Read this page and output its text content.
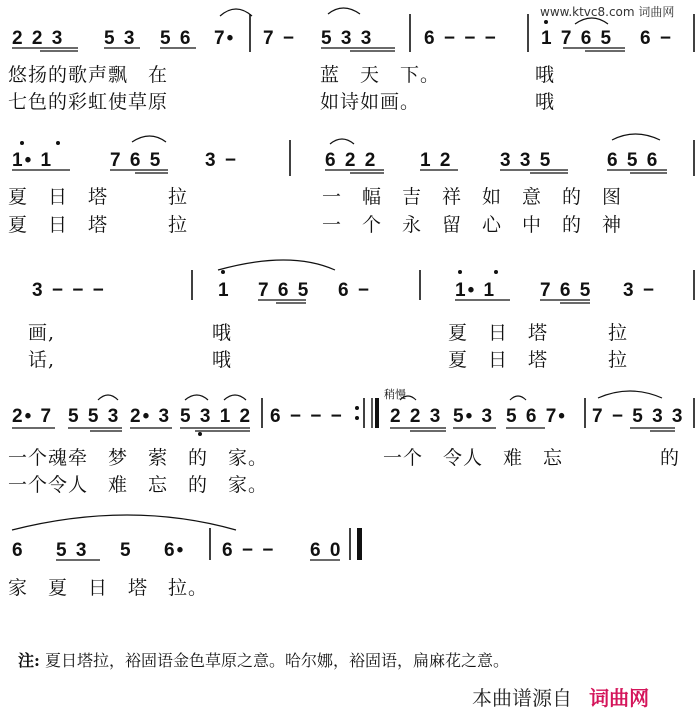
www.ktvc8.com 词曲网
2 2 3 5 3 5 6 7• 7 − 5 3 3	6 − − − 1 7 6 5 6 −
悠扬的歌声飘　在	蓝　天　下。	哦
七色的彩虹使草原	如诗如画。	哦
1• 1	7 6 5 3 −	6 2 2 1 2	3 3 5	6 5 6
夏　日　塔　　　拉	一　幅　吉　祥　如　意　的　图
夏　日　塔　　　拉	一　个　永　留　心　中　的　神
3 − − −	1 7 6 5 6 −	1• 1 7 6 5 3 −
画,	哦	夏　日　塔　　　拉
话,	哦	夏　日　塔　　　拉
2• 7 5 5 3 2• 3 5 3 1 2 6 − − − 2 2 3 5• 3 5 6 7• 7 − 5 3 3
一个魂牵　梦　萦　的　家。	一个　令人　难　忘	的
一个令人　难　忘　的　家。
6 5 3 5 6• 6 − − 6 0
家　夏　日　塔　拉。
稍慢
注: 夏日塔拉，裕固语金色草原之意。哈尔娜，裕固语，扁麻花之意。
本曲谱源自 词曲网
